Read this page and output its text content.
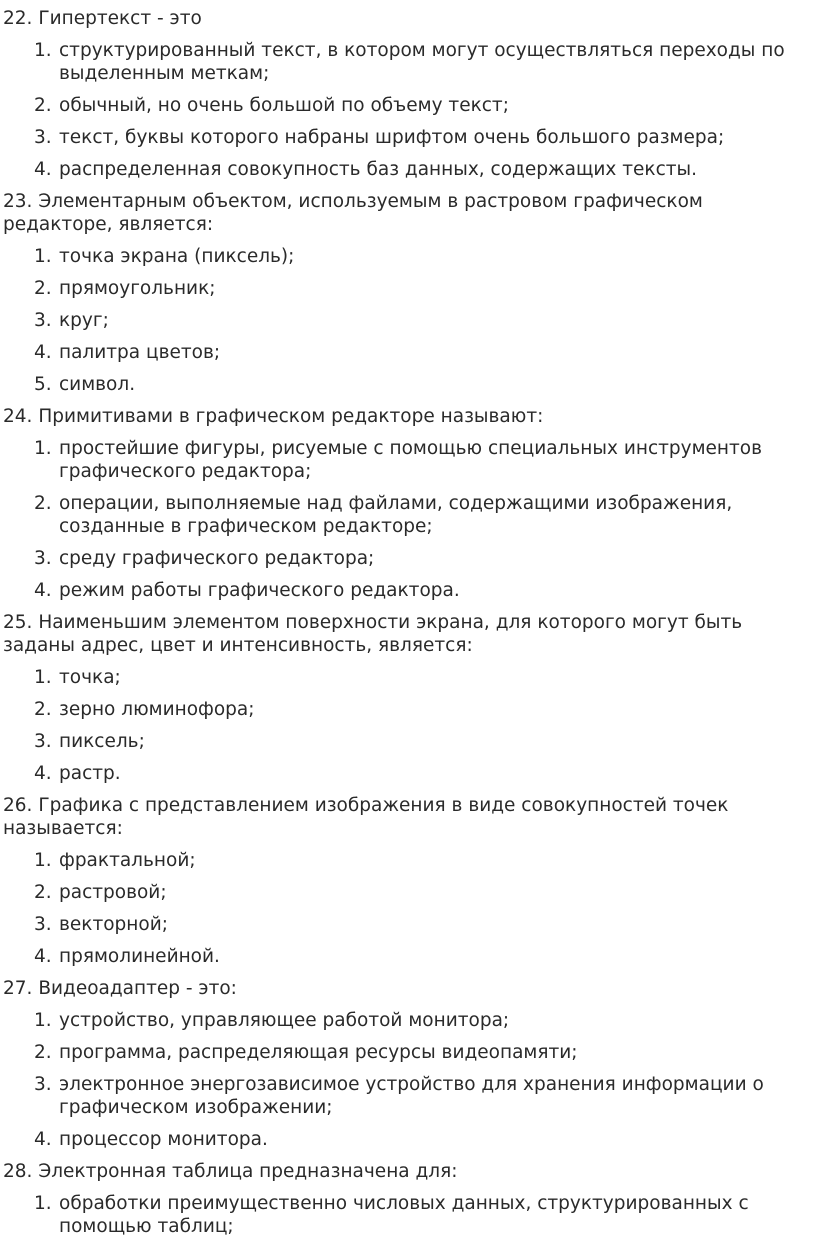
22. Гипертекст - это
1. структурированный текст, в котором могут осуществляться переходы по выделенным меткам;
2. обычный, но очень большой по объему текст;
3. текст, буквы которого набраны шрифтом очень большого размера;
4. распределенная совокупность баз данных, содержащих тексты.
23. Элементарным объектом, используемым в растровом графическом редакторе, является:
1. точка экрана (пиксель);
2. прямоугольник;
3. круг;
4. палитра цветов;
5. символ.
24. Примитивами в графическом редакторе называют:
1. простейшие фигуры, рисуемые с помощью специальных инструментов графического редактора;
2. операции, выполняемые над файлами, содержащими изображения, созданные в графическом редакторе;
3. среду графического редактора;
4. режим работы графического редактора.
25. Наименьшим элементом поверхности экрана, для которого могут быть заданы адрес, цвет и интенсивность, является:
1. точка;
2. зерно люминофора;
3. пиксель;
4. растр.
26. Графика с представлением изображения в виде совокупностей точек называется:
1. фрактальной;
2. растровой;
3. векторной;
4. прямолинейной.
27. Видеоадаптер - это:
1. устройство, управляющее работой монитора;
2. программа, распределяющая ресурсы видеопамяти;
3. электронное энергозависимое устройство для хранения информации о графическом изображении;
4. процессор монитора.
28. Электронная таблица предназначена для:
1. обработки преимущественно числовых данных, структурированных с помощью таблиц;
